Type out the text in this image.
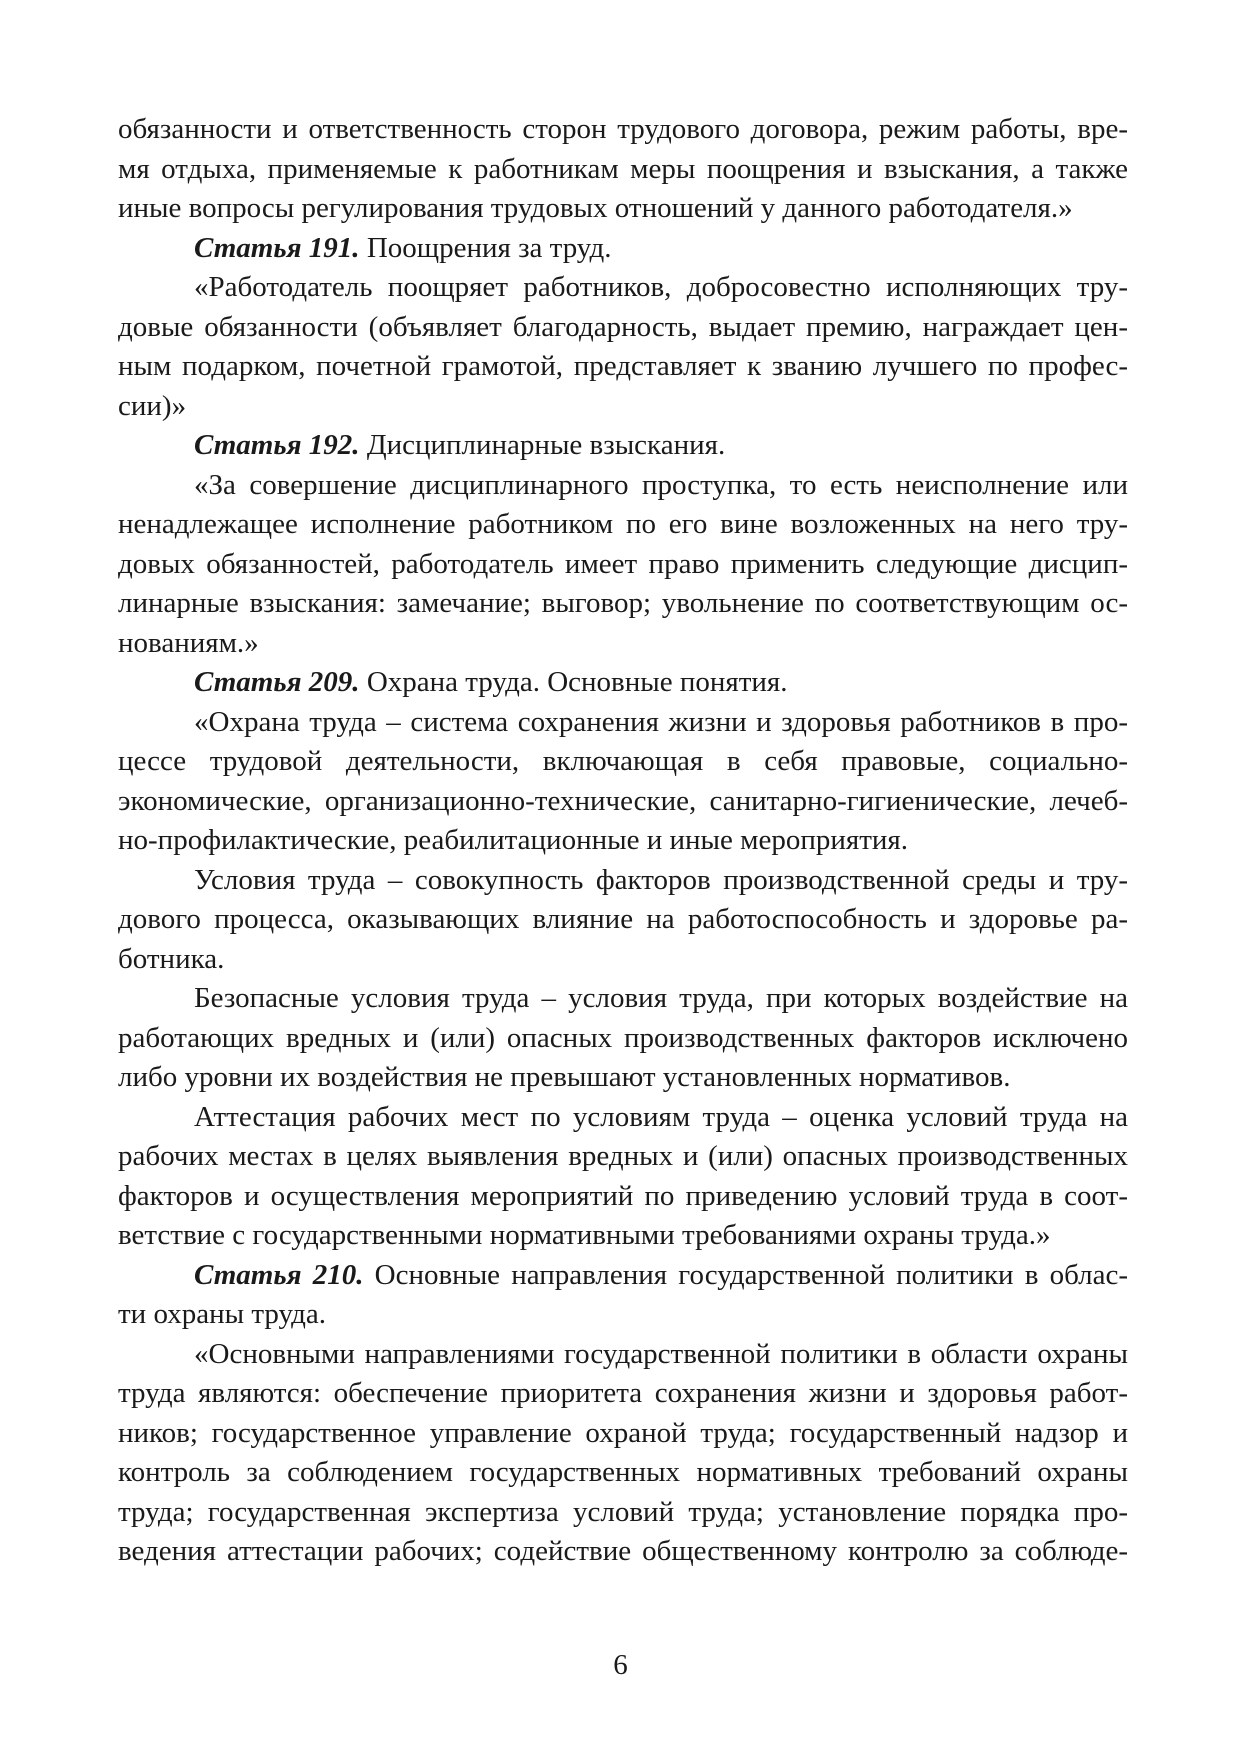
обязанности и ответственность сторон трудового договора, режим работы, вре-
мя отдыха, применяемые к работникам меры поощрения и взыскания, а также
иные вопросы регулирования трудовых отношений у данного работодателя.»
Статья 191. Поощрения за труд.
«Работодатель поощряет работников, добросовестно исполняющих тру-
довые обязанности (объявляет благодарность, выдает премию, награждает цен-
ным подарком, почетной грамотой, представляет к званию лучшего по профес-
сии)»
Статья 192. Дисциплинарные взыскания.
«За совершение дисциплинарного проступка, то есть неисполнение или
ненадлежащее исполнение работником по его вине возложенных на него тру-
довых обязанностей, работодатель имеет право применить следующие дисцип-
линарные взыскания: замечание; выговор; увольнение по соответствующим ос-
нованиям.»
Статья 209. Охрана труда. Основные понятия.
«Охрана труда – система сохранения жизни и здоровья работников в про-
цессе трудовой деятельности, включающая в себя правовые, социально-
экономические, организационно-технические, санитарно-гигиенические, лечеб-
но-профилактические, реабилитационные и иные мероприятия.
Условия труда – совокупность факторов производственной среды и тру-
дового процесса, оказывающих влияние на работоспособность и здоровье ра-
ботника.
Безопасные условия труда – условия труда, при которых воздействие на
работающих вредных и (или) опасных производственных факторов исключено
либо уровни их воздействия не превышают установленных нормативов.
Аттестация рабочих мест по условиям труда – оценка условий труда на
рабочих местах в целях выявления вредных и (или) опасных производственных
факторов и осуществления мероприятий по приведению условий труда в соот-
ветствие с государственными нормативными требованиями охраны труда.»
Статья 210. Основные направления государственной политики в облас-
ти охраны труда.
«Основными направлениями государственной политики в области охраны
труда являются: обеспечение приоритета сохранения жизни и здоровья работ-
ников; государственное управление охраной труда; государственный надзор и
контроль за соблюдением государственных нормативных требований охраны
труда; государственная экспертиза условий труда; установление порядка про-
ведения аттестации рабочих; содействие общественному контролю за соблюде-
6
